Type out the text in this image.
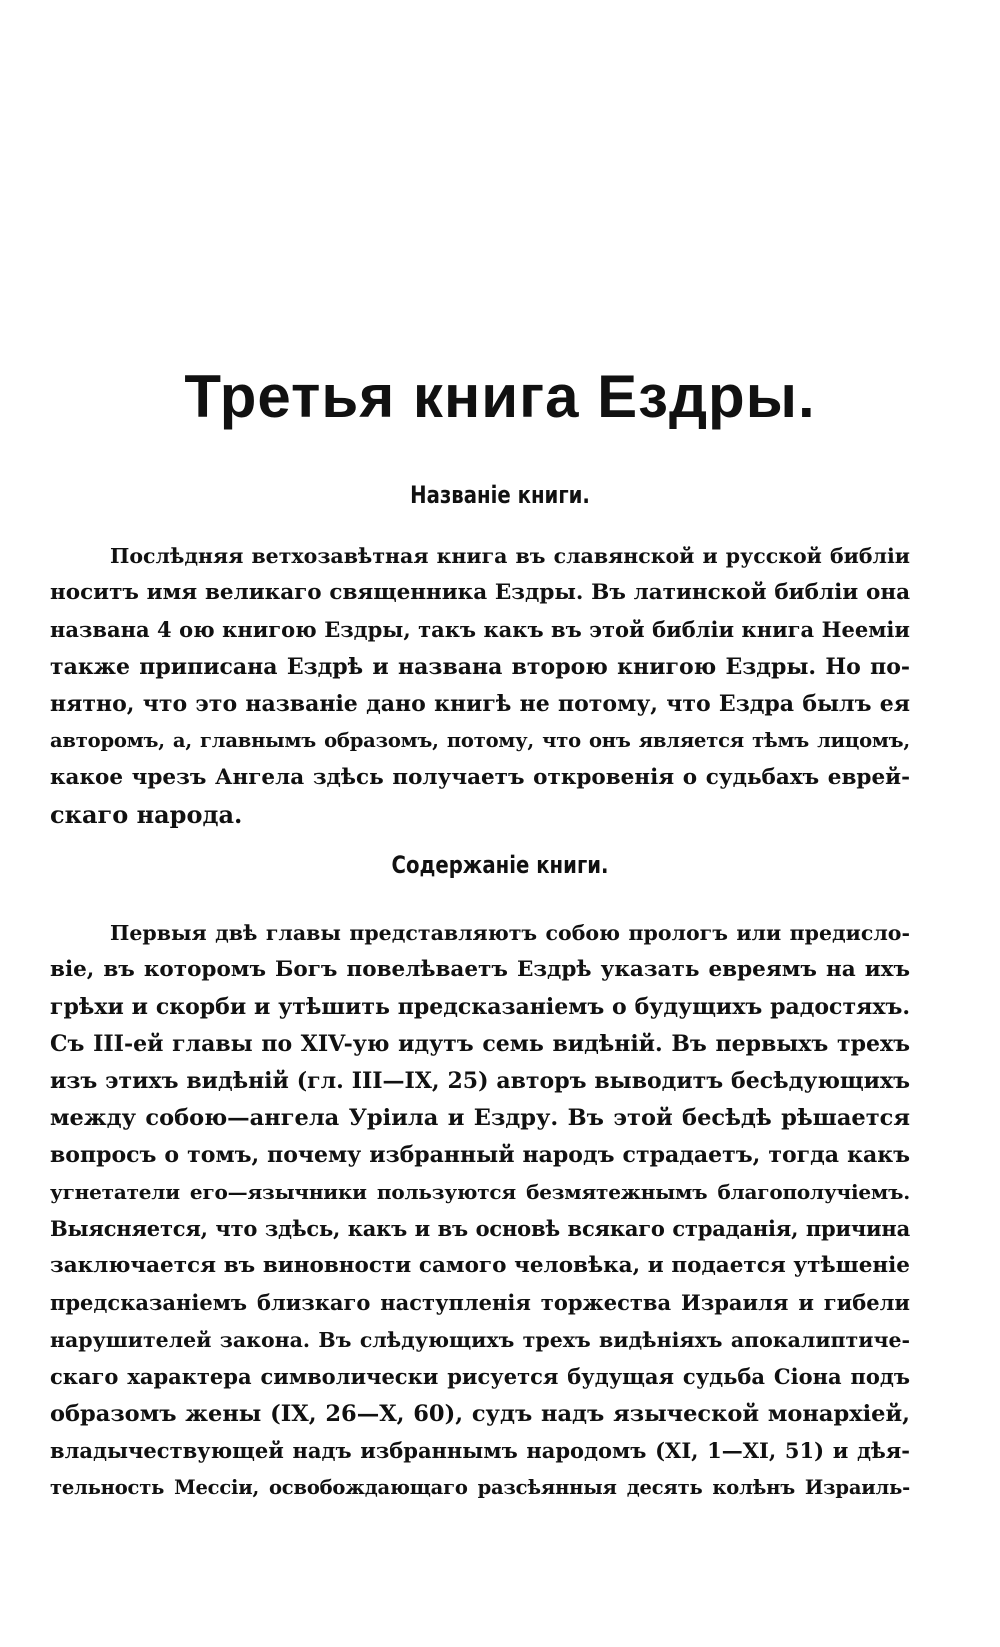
Третья книга Ездры.
Названіе книги.
Послѣдняя ветхозавѣтная книга въ славянской и русской библіи
носитъ имя великаго священника Ездры. Въ латинской библіи она
названа 4 ою книгою Ездры, такъ какъ въ этой библіи книга Неемiи
также приписана Ездрѣ и названа второю книгою Ездры. Но по-
нятно, что это названіе дано книгѣ не потому, что Ездра былъ ея
авторомъ, а, главнымъ образомъ, потому, что онъ является тѣмъ лицомъ,
какое чрезъ Ангела здѣсь получаетъ откровенія о судьбахъ еврей-
скаго народа.
Содержаніе книги.
Первыя двѣ главы представляютъ собою прологъ или предисло-
віе, въ которомъ Богъ повелѣваетъ Ездрѣ указать евреямъ на ихъ
грѣхи и скорби и утѣшить предсказаніемъ о будущихъ радостяхъ.
Съ III-ей главы по XIV-ую идутъ семь видѣній. Въ первыхъ трехъ
изъ этихъ видѣній (гл. III—IX, 25) авторъ выводитъ бесѣдующихъ
между собою—ангела Уріила и Ездру. Въ этой бесѣдѣ рѣшается
вопросъ о томъ, почему избранный народъ страдаетъ, тогда какъ
угнетатели его—язычники пользуются безмятежнымъ благополучіемъ.
Выясняется, что здѣсь, какъ и въ основѣ всякаго страданія, причина
заключается въ виновности самого человѣка, и подается утѣшеніе
предсказаніемъ близкаго наступленія торжества Израиля и гибели
нарушителей закона. Въ слѣдующихъ трехъ видѣніяхъ апокалиптиче-
скаго характера символически рисуется будущая судьба Сіона подъ
образомъ жены (IX, 26—X, 60), судъ надъ языческой монархіей,
владычествующей надъ избраннымъ народомъ (XI, 1—XI, 51) и дѣя-
тельность Мессіи, освобождающаго разсѣянныя десять колѣнъ Израиль-
